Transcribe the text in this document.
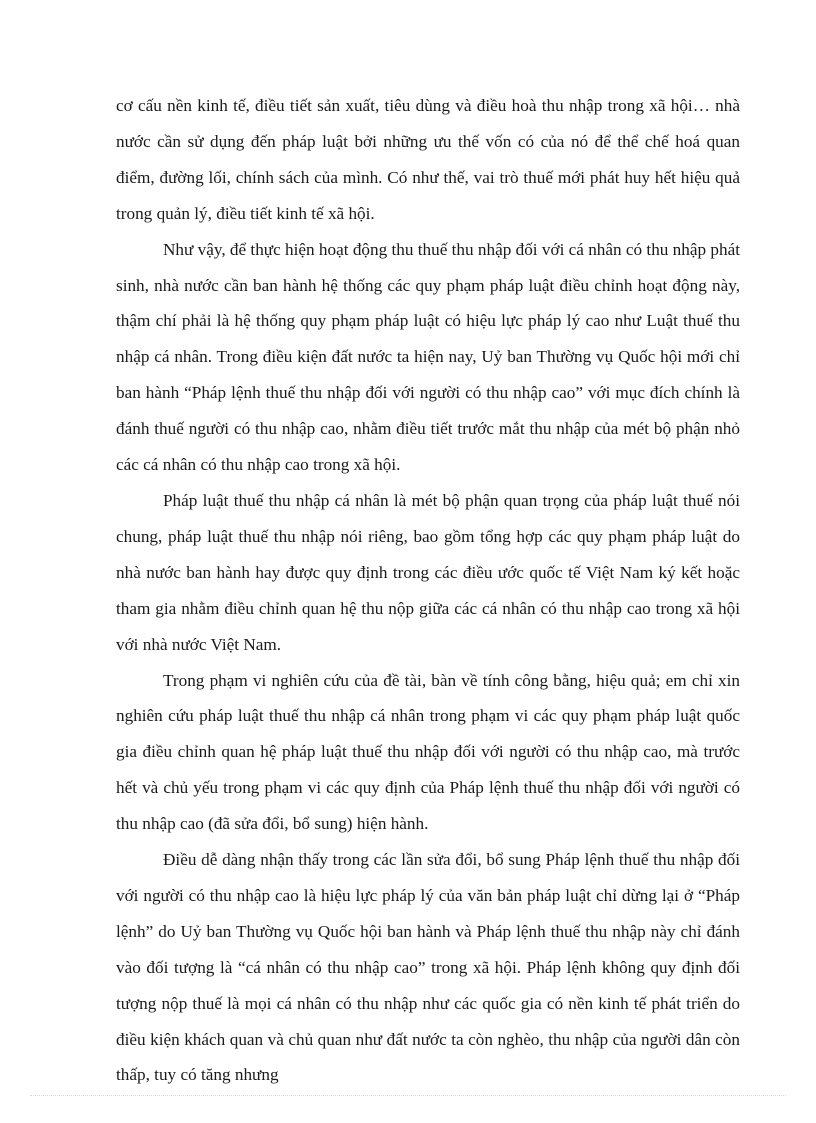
cơ cấu nền kinh tế, điều tiết sản xuất, tiêu dùng và điều hoà thu nhập trong xã hội… nhà nước cần sử dụng đến pháp luật bởi những ưu thế vốn có của nó để thể chế hoá quan điểm, đường lối, chính sách của mình. Có như thế, vai trò thuế mới phát huy hết hiệu quả trong quản lý, điều tiết kinh tế xã hội.

Như vậy, để thực hiện hoạt động thu thuế thu nhập đối với cá nhân có thu nhập phát sinh, nhà nước cần ban hành hệ thống các quy phạm pháp luật điều chỉnh hoạt động này, thậm chí phải là hệ thống quy phạm pháp luật có hiệu lực pháp lý cao như Luật thuế thu nhập cá nhân. Trong điều kiện đất nước ta hiện nay, Uỷ ban Thường vụ Quốc hội mới chỉ ban hành “Pháp lệnh thuế thu nhập đối với người có thu nhập cao” với mục đích chính là đánh thuế người có thu nhập cao, nhằm điều tiết trước mắt thu nhập của mét bộ phận nhỏ các cá nhân có thu nhập cao trong xã hội.

Pháp luật thuế thu nhập cá nhân là mét bộ phận quan trọng của pháp luật thuế nói chung, pháp luật thuế thu nhập nói riêng, bao gồm tổng hợp các quy phạm pháp luật do nhà nước ban hành hay được quy định trong các điều ước quốc tế Việt Nam ký kết hoặc tham gia nhằm điều chỉnh quan hệ thu nộp giữa các cá nhân có thu nhập cao trong xã hội với nhà nước Việt Nam.

Trong phạm vi nghiên cứu của đề tài, bàn về tính công bằng, hiệu quả; em chỉ xin nghiên cứu pháp luật thuế thu nhập cá nhân trong phạm vi các quy phạm pháp luật quốc gia điều chỉnh quan hệ pháp luật thuế thu nhập đối với người có thu nhập cao, mà trước hết và chủ yếu trong phạm vi các quy định của Pháp lệnh thuế thu nhập đối với người có thu nhập cao (đã sửa đổi, bổ sung) hiện hành.

Điều dễ dàng nhận thấy trong các lần sửa đổi, bổ sung Pháp lệnh thuế thu nhập đối với người có thu nhập cao là hiệu lực pháp lý của văn bản pháp luật chỉ dừng lại ở “Pháp lệnh” do Uỷ ban Thường vụ Quốc hội ban hành và Pháp lệnh thuế thu nhập này chỉ đánh vào đối tượng là “cá nhân có thu nhập cao” trong xã hội. Pháp lệnh không quy định đối tượng nộp thuế là mọi cá nhân có thu nhập như các quốc gia có nền kinh tế phát triển do điều kiện khách quan và chủ quan như đất nước ta còn nghèo, thu nhập của người dân còn thấp, tuy có tăng nhưng
